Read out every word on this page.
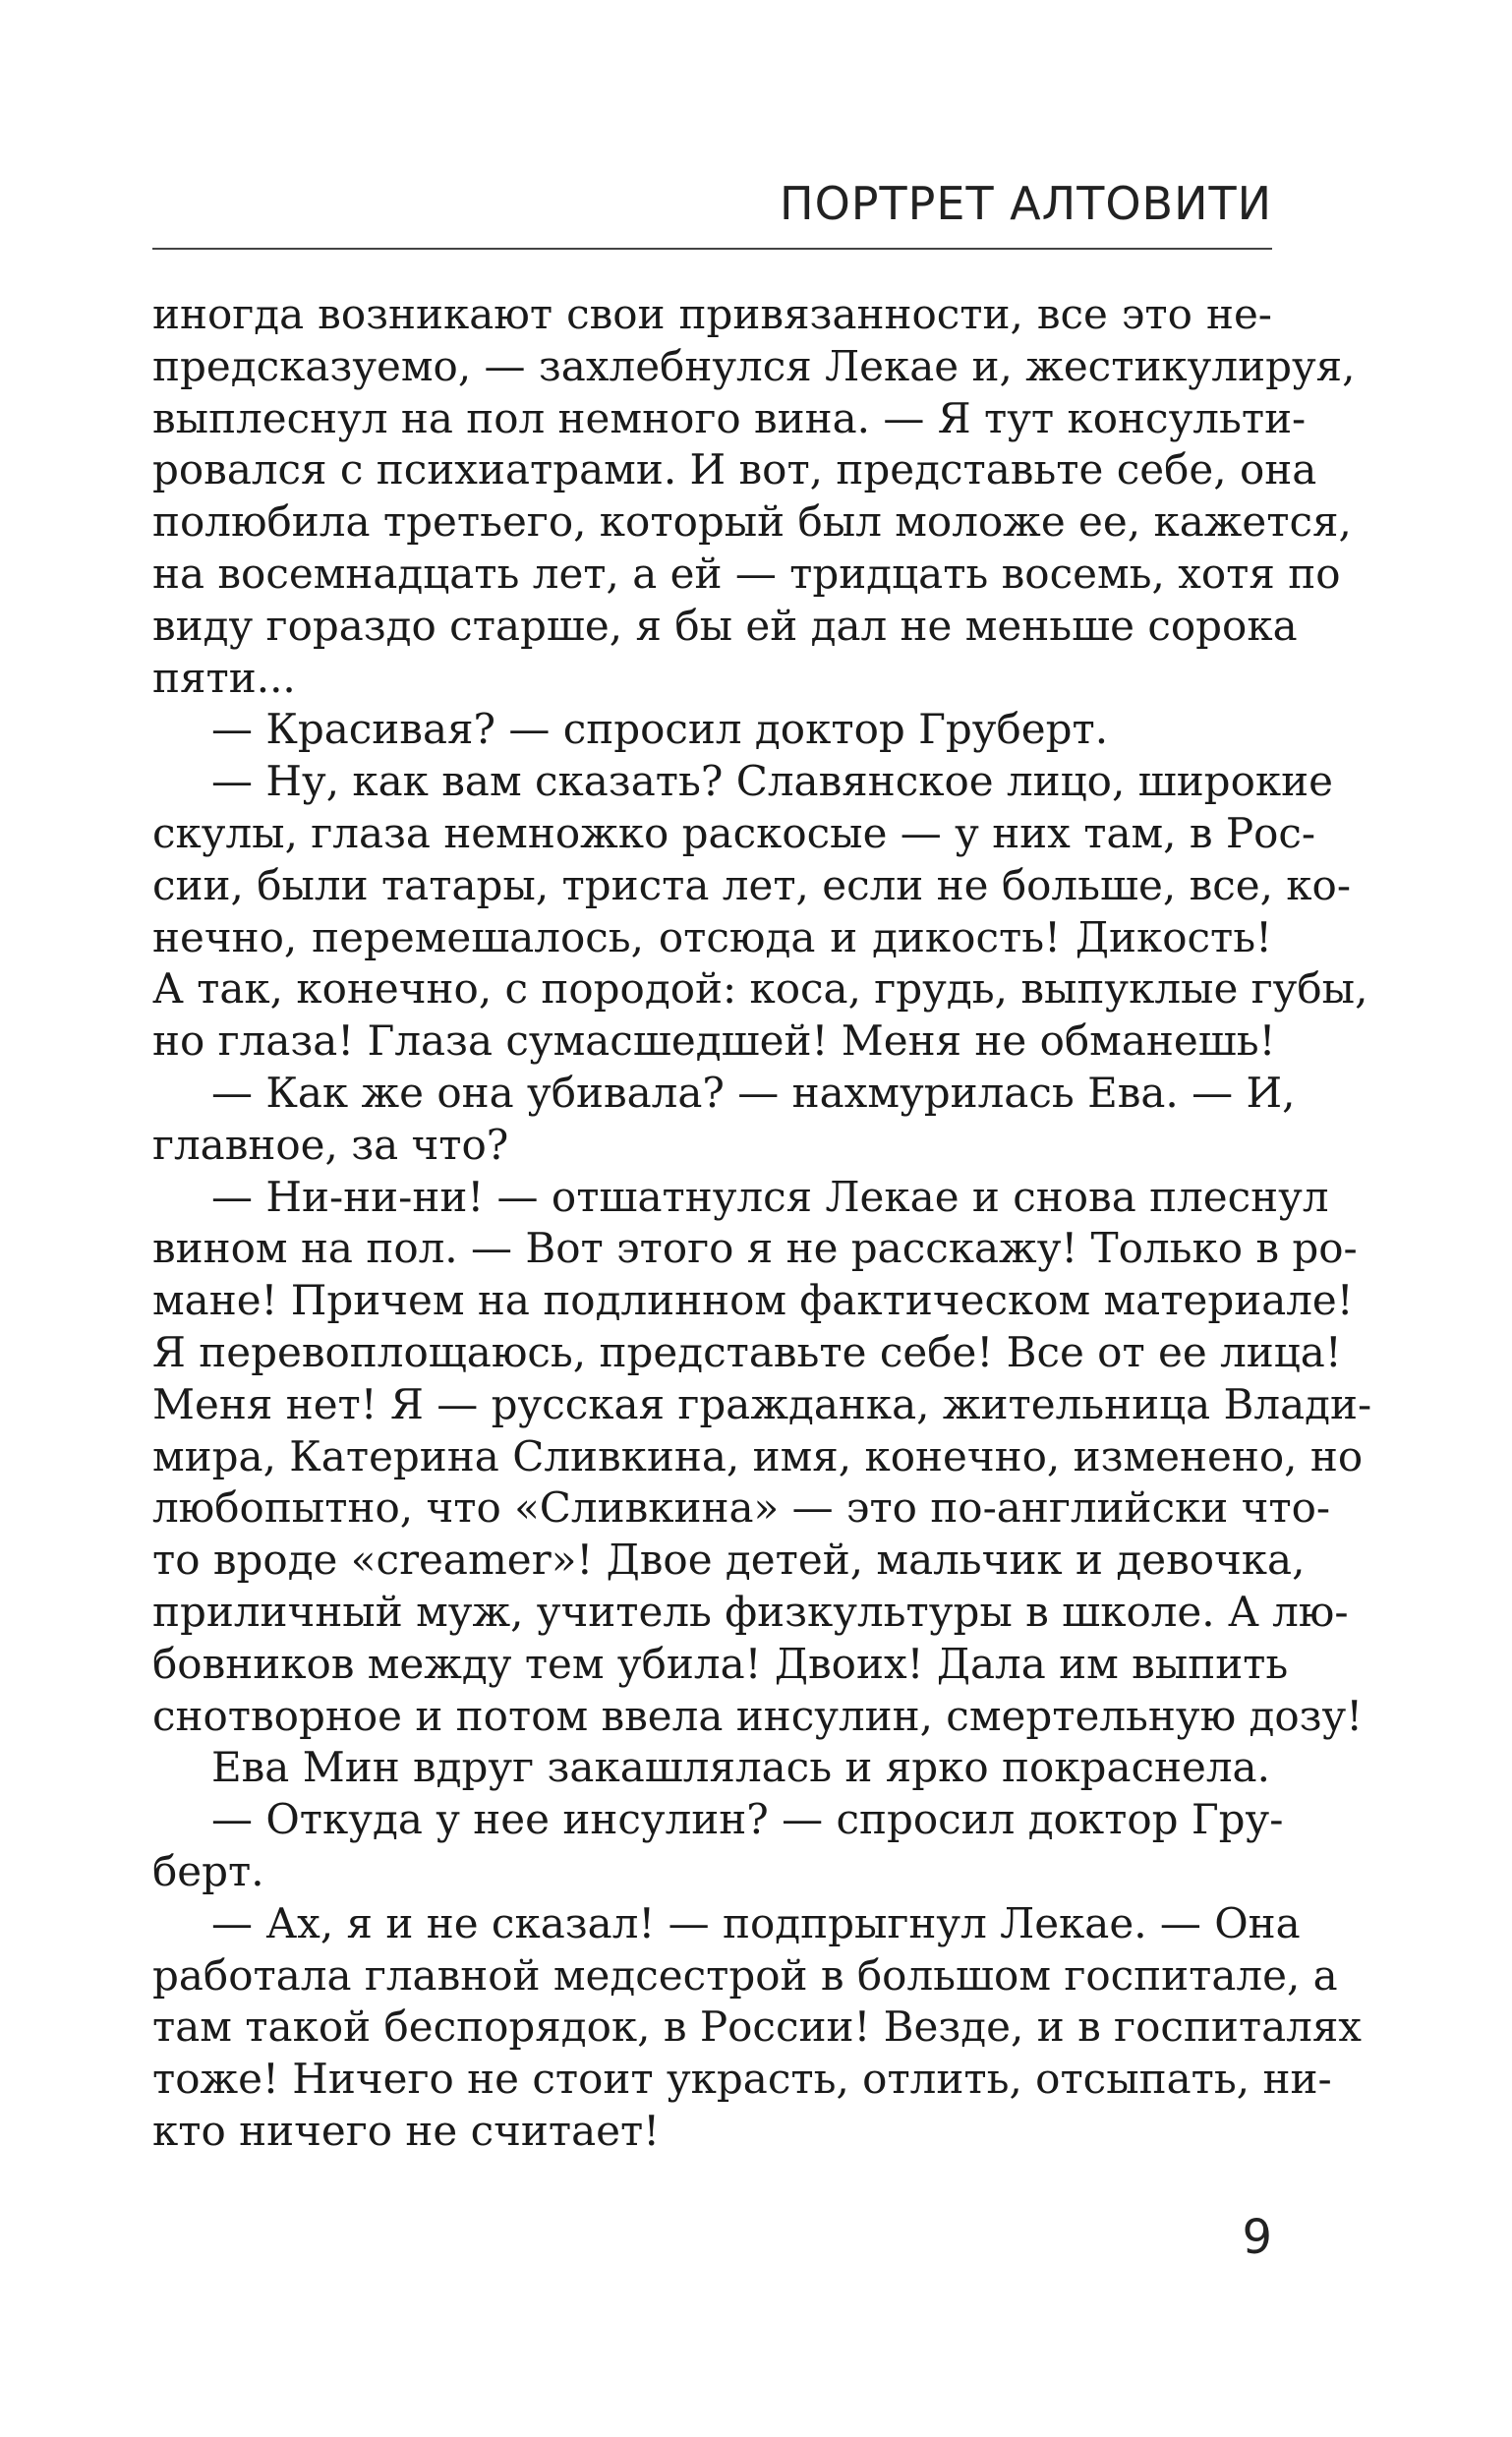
ПОРТРЕТ АЛТОВИТИ
иногда возникают свои привязанности, все это не-
предсказуемо, — захлебнулся Лекае и, жестикулируя,
выплеснул на пол немного вина. — Я тут консульти-
ровался с психиатрами. И вот, представьте себе, она
полюбила третьего, который был моложе ее, кажется,
на восемнадцать лет, а ей — тридцать восемь, хотя по
виду гораздо старше, я бы ей дал не меньше сорока
пяти...
— Красивая? — спросил доктор Груберт.
— Ну, как вам сказать? Славянское лицо, широкие
скулы, глаза немножко раскосые — у них там, в Рос-
сии, были татары, триста лет, если не больше, все, ко-
нечно, перемешалось, отсюда и дикость! Дикость!
А так, конечно, с породой: коса, грудь, выпуклые губы,
но глаза! Глаза сумасшедшей! Меня не обманешь!
— Как же она убивала? — нахмурилась Ева. — И,
главное, за что?
— Ни-ни-ни! — отшатнулся Лекае и снова плеснул
вином на пол. — Вот этого я не расскажу! Только в ро-
мане! Причем на подлинном фактическом материале!
Я перевоплощаюсь, представьте себе! Все от ее лица!
Меня нет! Я — русская гражданка, жительница Влади-
мира, Катерина Сливкина, имя, конечно, изменено, но
любопытно, что «Сливкина» — это по-английски что-
то вроде «creamer»! Двое детей, мальчик и девочка,
приличный муж, учитель физкультуры в школе. А лю-
бовников между тем убила! Двоих! Дала им выпить
снотворное и потом ввела инсулин, смертельную дозу!
Ева Мин вдруг закашлялась и ярко покраснела.
— Откуда у нее инсулин? — спросил доктор Гру-
берт.
— Ах, я и не сказал! — подпрыгнул Лекае. — Она
работала главной медсестрой в большом госпитале, а
там такой беспорядок, в России! Везде, и в госпиталях
тоже! Ничего не стоит украсть, отлить, отсыпать, ни-
кто ничего не считает!
9
